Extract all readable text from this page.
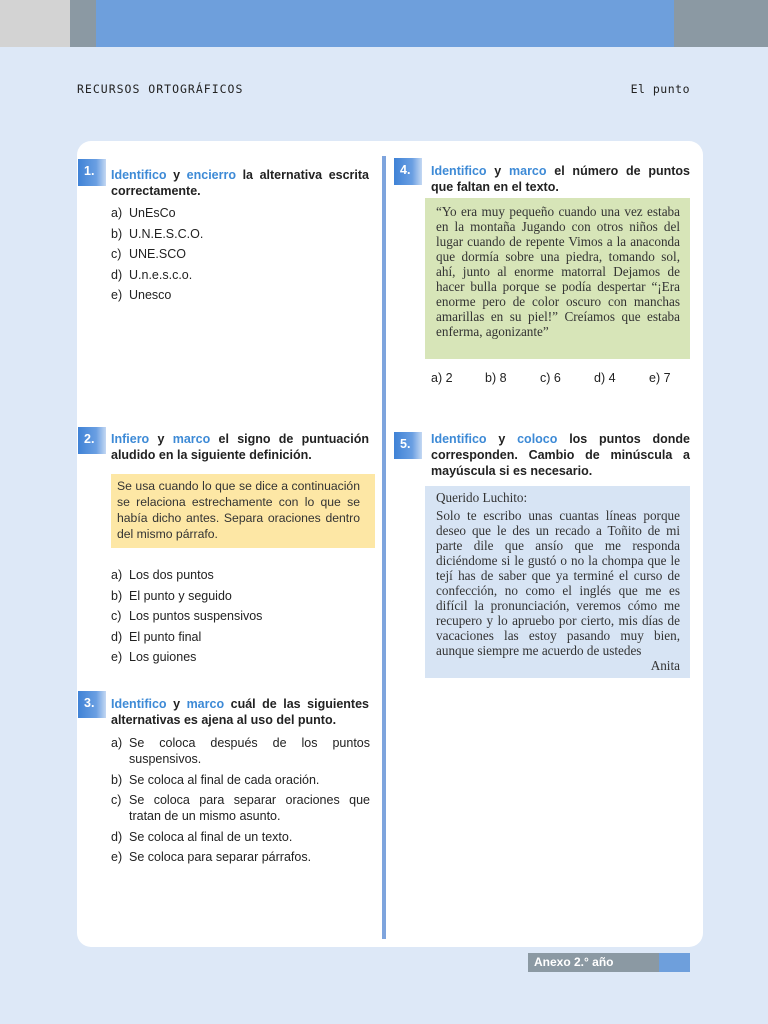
RECURSOS ORTOGRÁFICOS	El punto
1.	Identifico y encierro la alternativa escrita correctamente.
a) UnEsCo
b) U.N.E.S.C.O.
c) UNE.SCO
d) U.n.e.s.c.o.
e) Unesco
2.	Infiero y marco el signo de puntuación aludido en la siguiente definición.
Se usa cuando lo que se dice a continuación se relaciona estrechamente con lo que se había dicho antes. Separa oraciones dentro del mismo párrafo.
a) Los dos puntos
b) El punto y seguido
c) Los puntos suspensivos
d) El punto final
e) Los guiones
3.	Identifico y marco cuál de las siguientes alternativas es ajena al uso del punto.
a) Se coloca después de los puntos suspensivos.
b) Se coloca al final de cada oración.
c) Se coloca para separar oraciones que tratan de un mismo asunto.
d) Se coloca al final de un texto.
e) Se coloca para separar párrafos.
4.	Identifico y marco el número de puntos que faltan en el texto.
“Yo era muy pequeño cuando una vez estaba en la montaña Jugando con otros niños del lugar cuando de repente Vimos a la anaconda que dormía sobre una piedra, tomando sol, ahí, junto al enorme matorral Dejamos de hacer bulla porque se podía despertar “¡Era enorme pero de color oscuro con manchas amarillas en su piel!” Creíamos que estaba enferma, agonizante”
a) 2	b) 8	c) 6	d) 4	e) 7
5.	Identifico y coloco los puntos donde corresponden. Cambio de minúscula a mayúscula si es necesario.
Querido Luchito:
Solo te escribo unas cuantas líneas porque deseo que le des un recado a Toñito de mi parte dile que ansío que me responda diciéndome si le gustó o no la chompa que le tejí has de saber que ya terminé el curso de confección, no como el inglés que me es difícil la pronunciación, veremos cómo me recupero y lo apruebo por cierto, mis días de vacaciones las estoy pasando muy bien, aunque siempre me acuerdo de ustedes
Anita
Anexo 2.° año
